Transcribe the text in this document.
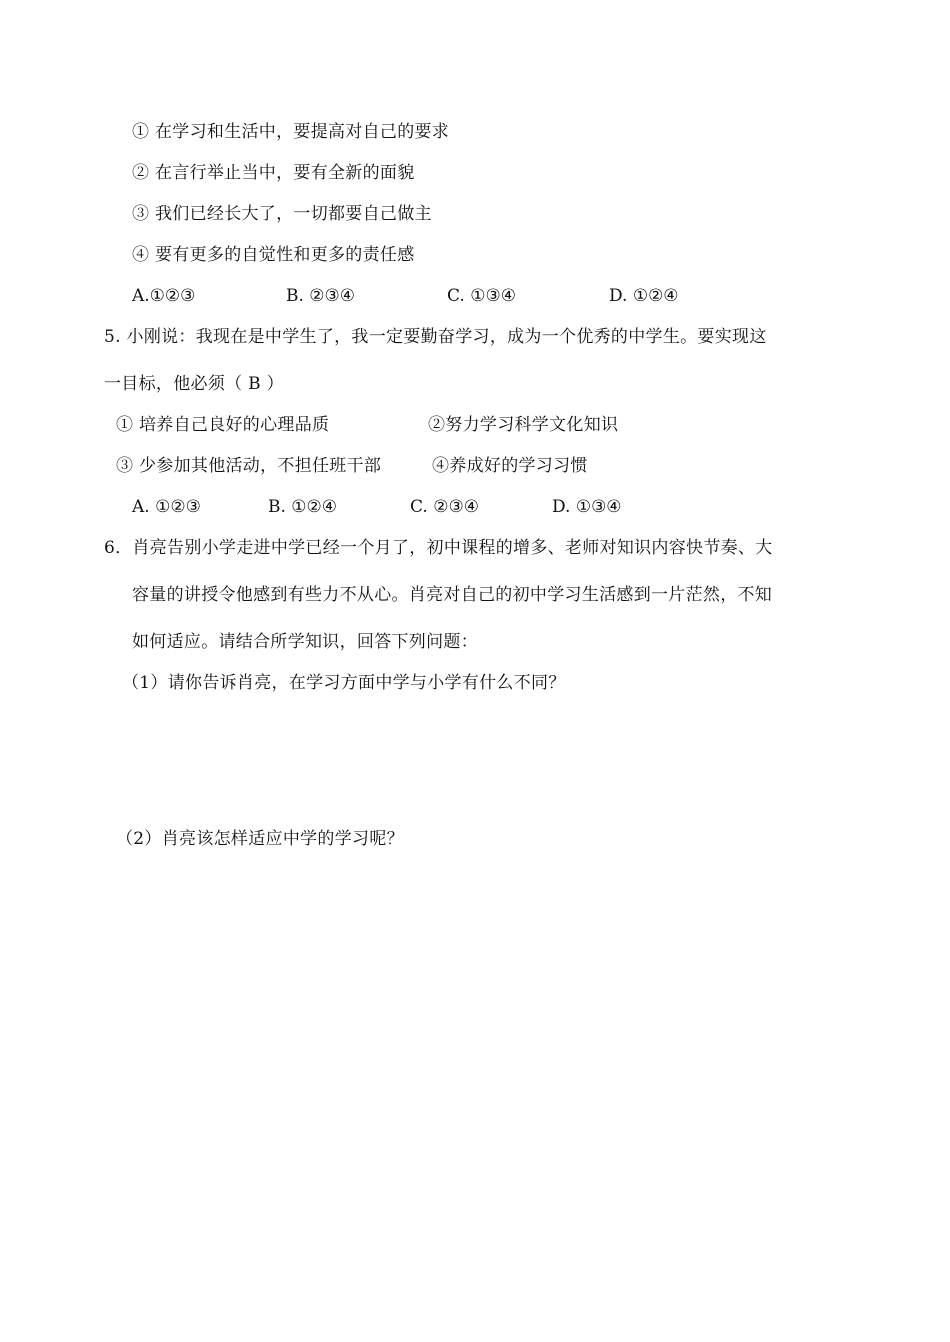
① 在学习和生活中，要提高对自己的要求
② 在言行举止当中，要有全新的面貌
③ 我们已经长大了，一切都要自己做主
④ 要有更多的自觉性和更多的责任感
A.①②③	B. ②③④	C. ①③④	D. ①②④
5. 小刚说：我现在是中学生了，我一定要勤奋学习，成为一个优秀的中学生。要实现这
一目标，他必须（ B ）
① 培养自己良好的心理品质	②努力学习科学文化知识
③ 少参加其他活动，不担任班干部	④养成好的学习习惯
A. ①②③	B. ①②④	C. ②③④	D. ①③④
6．肖亮告别小学走进中学已经一个月了，初中课程的增多、老师对知识内容快节奏、大
容量的讲授令他感到有些力不从心。肖亮对自己的初中学习生活感到一片茫然，不知
如何适应。请结合所学知识，回答下列问题：
（1）请你告诉肖亮，在学习方面中学与小学有什么不同？
（2）肖亮该怎样适应中学的学习呢？
